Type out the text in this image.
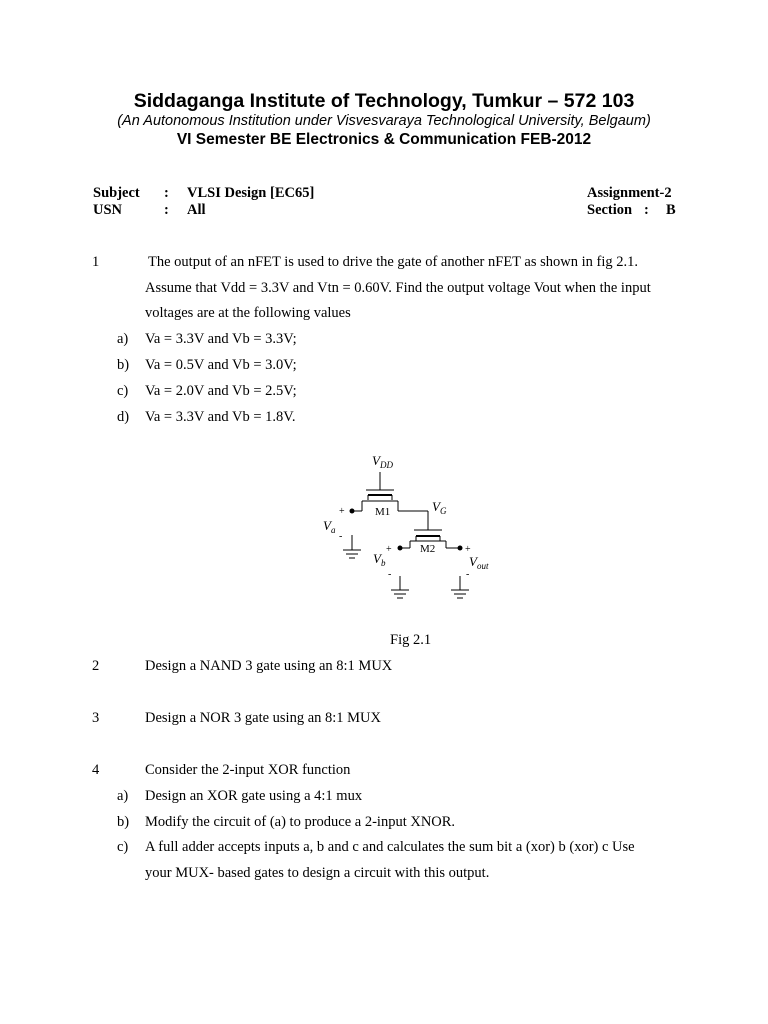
Siddaganga Institute of Technology, Tumkur – 572 103
(An Autonomous Institution under Visvesvaraya Technological University, Belgaum)
VI Semester BE Electronics & Communication FEB-2012
Subject : VLSI Design [EC65]
USN	: All
Assignment-2
Section : B
1	The output of an nFET is used to drive the gate of another nFET as shown in fig 2.1.
Assume that Vdd = 3.3V and Vtn = 0.60V. Find the output voltage Vout when the input
voltages are at the following values
a) Va = 3.3V and Vb = 3.3V;
b) Va = 0.5V and Vb = 3.0V;
c) Va = 2.0V and Vb = 2.5V;
d) Va = 3.3V and Vb = 1.8V.
$V_{DD}$
M1
M2
$V_G$
+
$V_a$
-
+
$V_b$
-
+
$V_{out}$
-
Fig 2.1
2	Design a NAND 3 gate using an 8:1 MUX
3	Design a NOR 3 gate using an 8:1 MUX
4	Consider the 2-input XOR function
a) Design an XOR gate using a 4:1 mux
b) Modify the circuit of (a) to produce a 2-input XNOR.
c) A full adder accepts inputs a, b and c and calculates the sum bit a (xor) b (xor) c Use
your MUX- based gates to design a circuit with this output.
